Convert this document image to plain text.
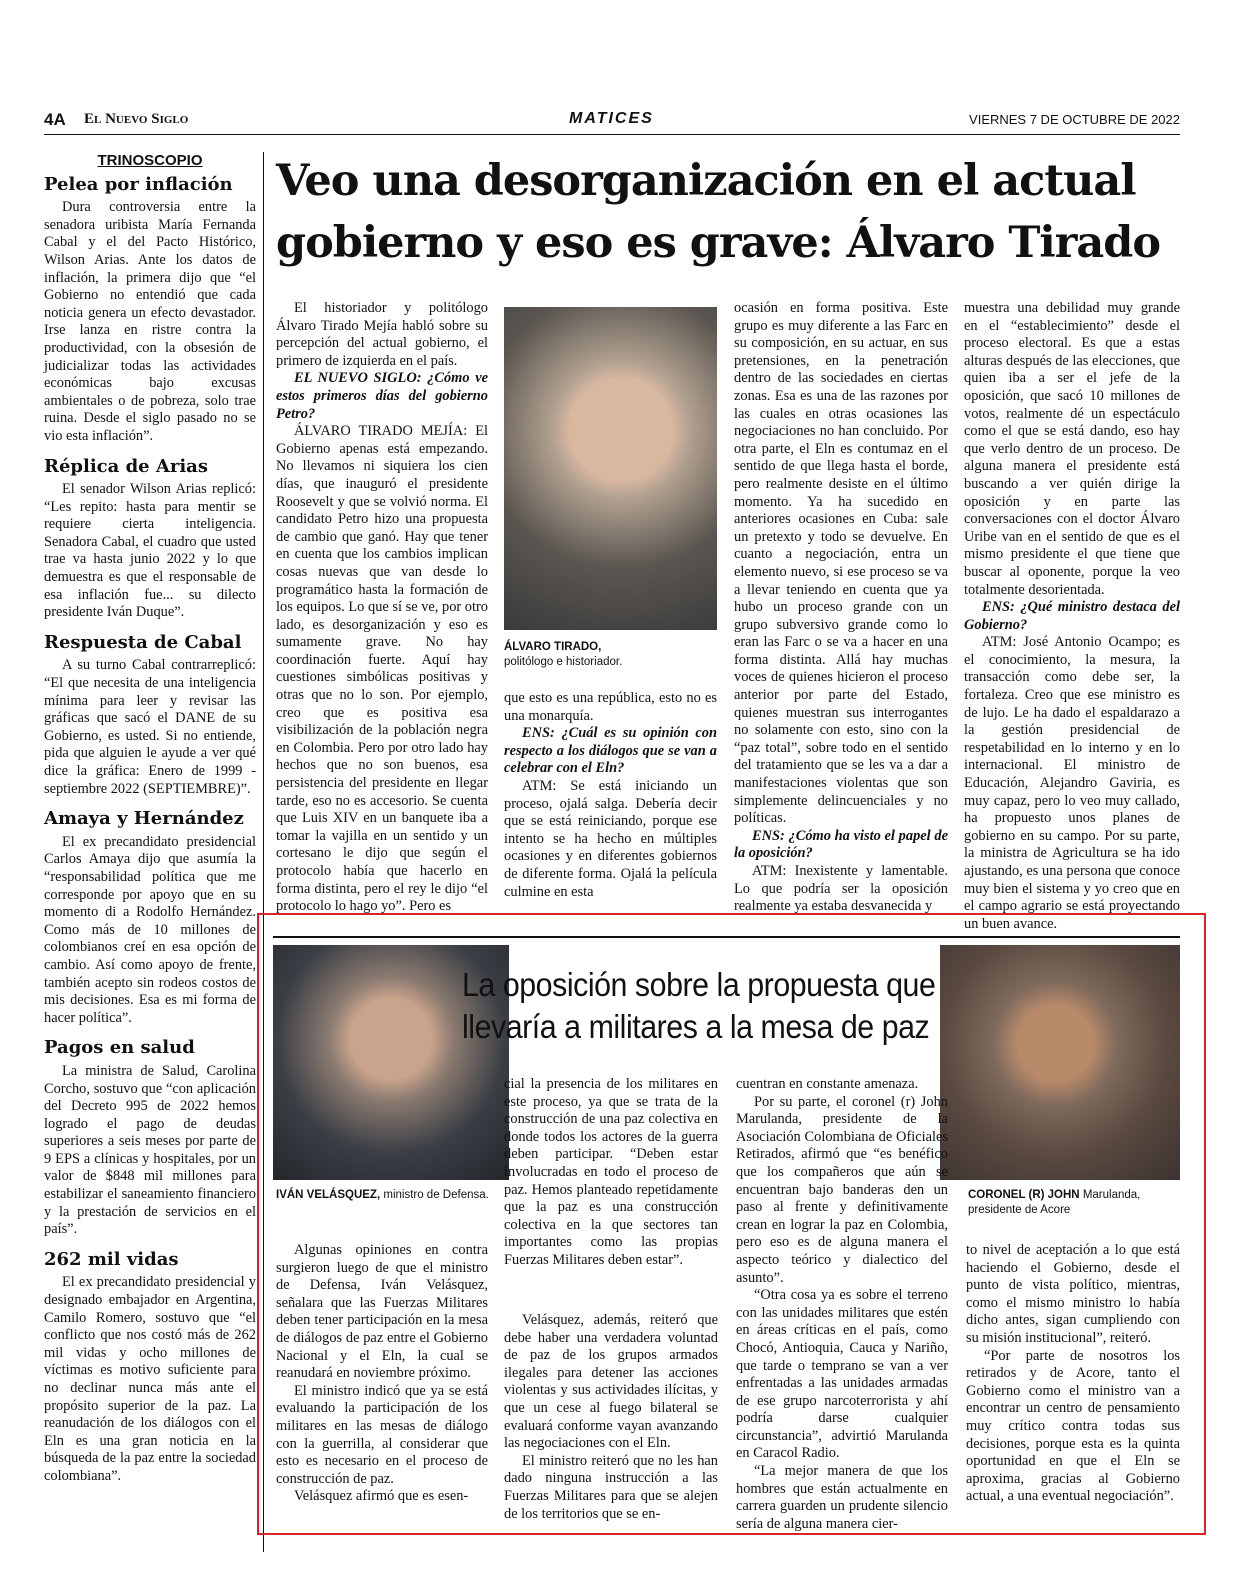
4A El Nuevo Siglo	MATICES	VIERNES 7 DE OCTUBRE DE 2022
TRINOSCOPIO
Pelea por inflación

Dura controversia entre la senadora uribista María Fernanda Cabal y el del Pacto Histórico, Wilson Arias. Ante los datos de inflación, la primera dijo que “el Gobierno no entendió que cada noticia genera un efecto devastador. Irse lanza en ristre contra la productividad, con la obsesión de judicializar todas las actividades económicas bajo excusas ambientales o de pobreza, solo trae ruina. Desde el siglo pasado no se vio esta inflación”.

Réplica de Arias

El senador Wilson Arias replicó: “Les repito: hasta para mentir se requiere cierta inteligencia. Senadora Cabal, el cuadro que usted trae va hasta junio 2022 y lo que demuestra es que el responsable de esa inflación fue... su dilecto presidente Iván Duque”.

Respuesta de Cabal

A su turno Cabal contrarreplicó: “El que necesita de una inteligencia mínima para leer y revisar las gráficas que sacó el DANE de su Gobierno, es usted. Si no entiende, pida que alguien le ayude a ver qué dice la gráfica: Enero de 1999 - septiembre 2022 (SEPTIEMBRE)”.

Amaya y Hernández

El ex precandidato presidencial Carlos Amaya dijo que asumía la “responsabilidad política que me corresponde por apoyo que en su momento di a Rodolfo Hernández. Como más de 10 millones de colombianos creí en esa opción de cambio. Así como apoyo de frente, también acepto sin rodeos costos de mis decisiones. Esa es mi forma de hacer política”.

Pagos en salud

La ministra de Salud, Carolina Corcho, sostuvo que “con aplicación del Decreto 995 de 2022 hemos logrado el pago de deudas superiores a seis meses por parte de 9 EPS a clínicas y hospitales, por un valor de $848 mil millones para estabilizar el saneamiento financiero y la prestación de servicios en el país”.

262 mil vidas

El ex precandidato presidencial y designado embajador en Argentina, Camilo Romero, sostuvo que “el conflicto que nos costó más de 262 mil vidas y ocho millones de víctimas es motivo suficiente para no declinar nunca más ante el propósito superior de la paz. La reanudación de los diálogos con el Eln es una gran noticia en la búsqueda de la paz entre la sociedad colombiana”.

Veo una desorganización en el actual
gobierno y eso es grave: Álvaro Tirado

El historiador y politólogo Álvaro Tirado Mejía habló sobre su percepción del actual gobierno, el primero de izquierda en el país.

EL NUEVO SIGLO: ¿Cómo ve estos primeros días del gobierno Petro?

ÁLVARO TIRADO MEJÍA: El Gobierno apenas está empezando. No llevamos ni siquiera los cien días, que inauguró el presidente Roosevelt y que se volvió norma. El candidato Petro hizo una propuesta de cambio que ganó. Hay que tener en cuenta que los cambios implican cosas nuevas que van desde lo programático hasta la formación de los equipos. Lo que sí se ve, por otro lado, es desorganización y eso es sumamente grave. No hay coordinación fuerte. Aquí hay cuestiones simbólicas positivas y otras que no lo son. Por ejemplo, creo que es positiva esa visibilización de la población negra en Colombia. Pero por otro lado hay hechos que no son buenos, esa persistencia del presidente en llegar tarde, eso no es accesorio. Se cuenta que Luis XIV en un banquete iba a tomar la vajilla en un sentido y un cortesano le dijo que según el protocolo había que hacerlo en forma distinta, pero el rey le dijo “el protocolo lo hago yo”. Pero es

ÁLVARO TIRADO,
politólogo e historiador.

que esto es una república, esto no es una monarquía.

ENS: ¿Cuál es su opinión con respecto a los diálogos que se van a celebrar con el Eln?

ATM: Se está iniciando un proceso, ojalá salga. Debería decir que se está reiniciando, porque ese intento se ha hecho en múltiples ocasiones y en diferentes gobiernos de diferente forma. Ojalá la película culmine en esta

ocasión en forma positiva. Este grupo es muy diferente a las Farc en su composición, en su actuar, en sus pretensiones, en la penetración dentro de las sociedades en ciertas zonas. Esa es una de las razones por las cuales en otras ocasiones las negociaciones no han concluido. Por otra parte, el Eln es contumaz en el sentido de que llega hasta el borde, pero realmente desiste en el último momento. Ya ha sucedido en anteriores ocasiones en Cuba: sale un pretexto y todo se devuelve. En cuanto a negociación, entra un elemento nuevo, si ese proceso se va a llevar teniendo en cuenta que ya hubo un proceso grande con un grupo subversivo grande como lo eran las Farc o se va a hacer en una forma distinta. Allá hay muchas voces de quienes hicieron el proceso anterior por parte del Estado, quienes muestran sus interrogantes no solamente con esto, sino con la “paz total”, sobre todo en el sentido del tratamiento que se les va a dar a manifestaciones violentas que son simplemente delincuenciales y no políticas.

ENS: ¿Cómo ha visto el papel de la oposición?

ATM: Inexistente y lamentable. Lo que podría ser la oposición realmente ya estaba desvanecida y

muestra una debilidad muy grande en el “establecimiento” desde el proceso electoral. Es que a estas alturas después de las elecciones, que quien iba a ser el jefe de la oposición, que sacó 10 millones de votos, realmente dé un espectáculo como el que se está dando, eso hay que verlo dentro de un proceso. De alguna manera el presidente está buscando a ver quién dirige la oposición y en parte las conversaciones con el doctor Álvaro Uribe van en el sentido de que es el mismo presidente el que tiene que buscar al oponente, porque la veo totalmente desorientada.

ENS: ¿Qué ministro destaca del Gobierno?

ATM: José Antonio Ocampo; es el conocimiento, la mesura, la transacción como debe ser, la fortaleza. Creo que ese ministro es de lujo. Le ha dado el espaldarazo a la gestión presidencial de respetabilidad en lo interno y en lo internacional. El ministro de Educación, Alejandro Gaviria, es muy capaz, pero lo veo muy callado, ha propuesto unos planes de gobierno en su campo. Por su parte, la ministra de Agricultura se ha ido ajustando, es una persona que conoce muy bien el sistema y yo creo que en el campo agrario se está proyectando un buen avance.

IVÁN VELÁSQUEZ, ministro de Defensa.
La oposición sobre la propuesta que
llevaría a militares a la mesa de paz
CORONEL (R) JOHN Marulanda, presidente de Acore

Algunas opiniones en contra surgieron luego de que el ministro de Defensa, Iván Velásquez, señalara que las Fuerzas Militares deben tener participación en la mesa de diálogos de paz entre el Gobierno Nacional y el Eln, la cual se reanudará en noviembre próximo.

El ministro indicó que ya se está evaluando la participación de los militares en las mesas de diálogo con la guerrilla, al considerar que esto es necesario en el proceso de construcción de paz.

Velásquez afirmó que es esen-

cial la presencia de los militares en este proceso, ya que se trata de la construcción de una paz colectiva en donde todos los actores de la guerra deben participar. “Deben estar involucradas en todo el proceso de paz. Hemos planteado repetidamente que la paz es una construcción colectiva en la que sectores tan importantes como las propias Fuerzas Militares deben estar”.

Velásquez, además, reiteró que debe haber una verdadera voluntad de paz de los grupos armados ilegales para detener las acciones violentas y sus actividades ilícitas, y que un cese al fuego bilateral se evaluará conforme vayan avanzando las negociaciones con el Eln.

El ministro reiteró que no les han dado ninguna instrucción a las Fuerzas Militares para que se alejen de los territorios que se en-

cuentran en constante amenaza.

Por su parte, el coronel (r) John Marulanda, presidente de la Asociación Colombiana de Oficiales Retirados, afirmó que “es benéfico que los compañeros que aún se encuentran bajo banderas den un paso al frente y definitivamente crean en lograr la paz en Colombia, pero eso es de alguna manera el aspecto teórico y dialectico del asunto”.

“Otra cosa ya es sobre el terreno con las unidades militares que estén en áreas críticas en el país, como Chocó, Antioquia, Cauca y Nariño, que tarde o temprano se van a ver enfrentadas a las unidades armadas de ese grupo narcoterrorista y ahí podría darse cualquier circunstancia”, advirtió Marulanda en Caracol Radio.

“La mejor manera de que los hombres que están actualmente en carrera guarden un prudente silencio sería de alguna manera cier-

to nivel de aceptación a lo que está haciendo el Gobierno, desde el punto de vista político, mientras, como el mismo ministro lo había dicho antes, sigan cumpliendo con su misión institucional”, reiteró.

“Por parte de nosotros los retirados y de Acore, tanto el Gobierno como el ministro van a encontrar un centro de pensamiento muy crítico contra todas sus decisiones, porque esta es la quinta oportunidad en que el Eln se aproxima, gracias al Gobierno actual, a una eventual negociación”.
